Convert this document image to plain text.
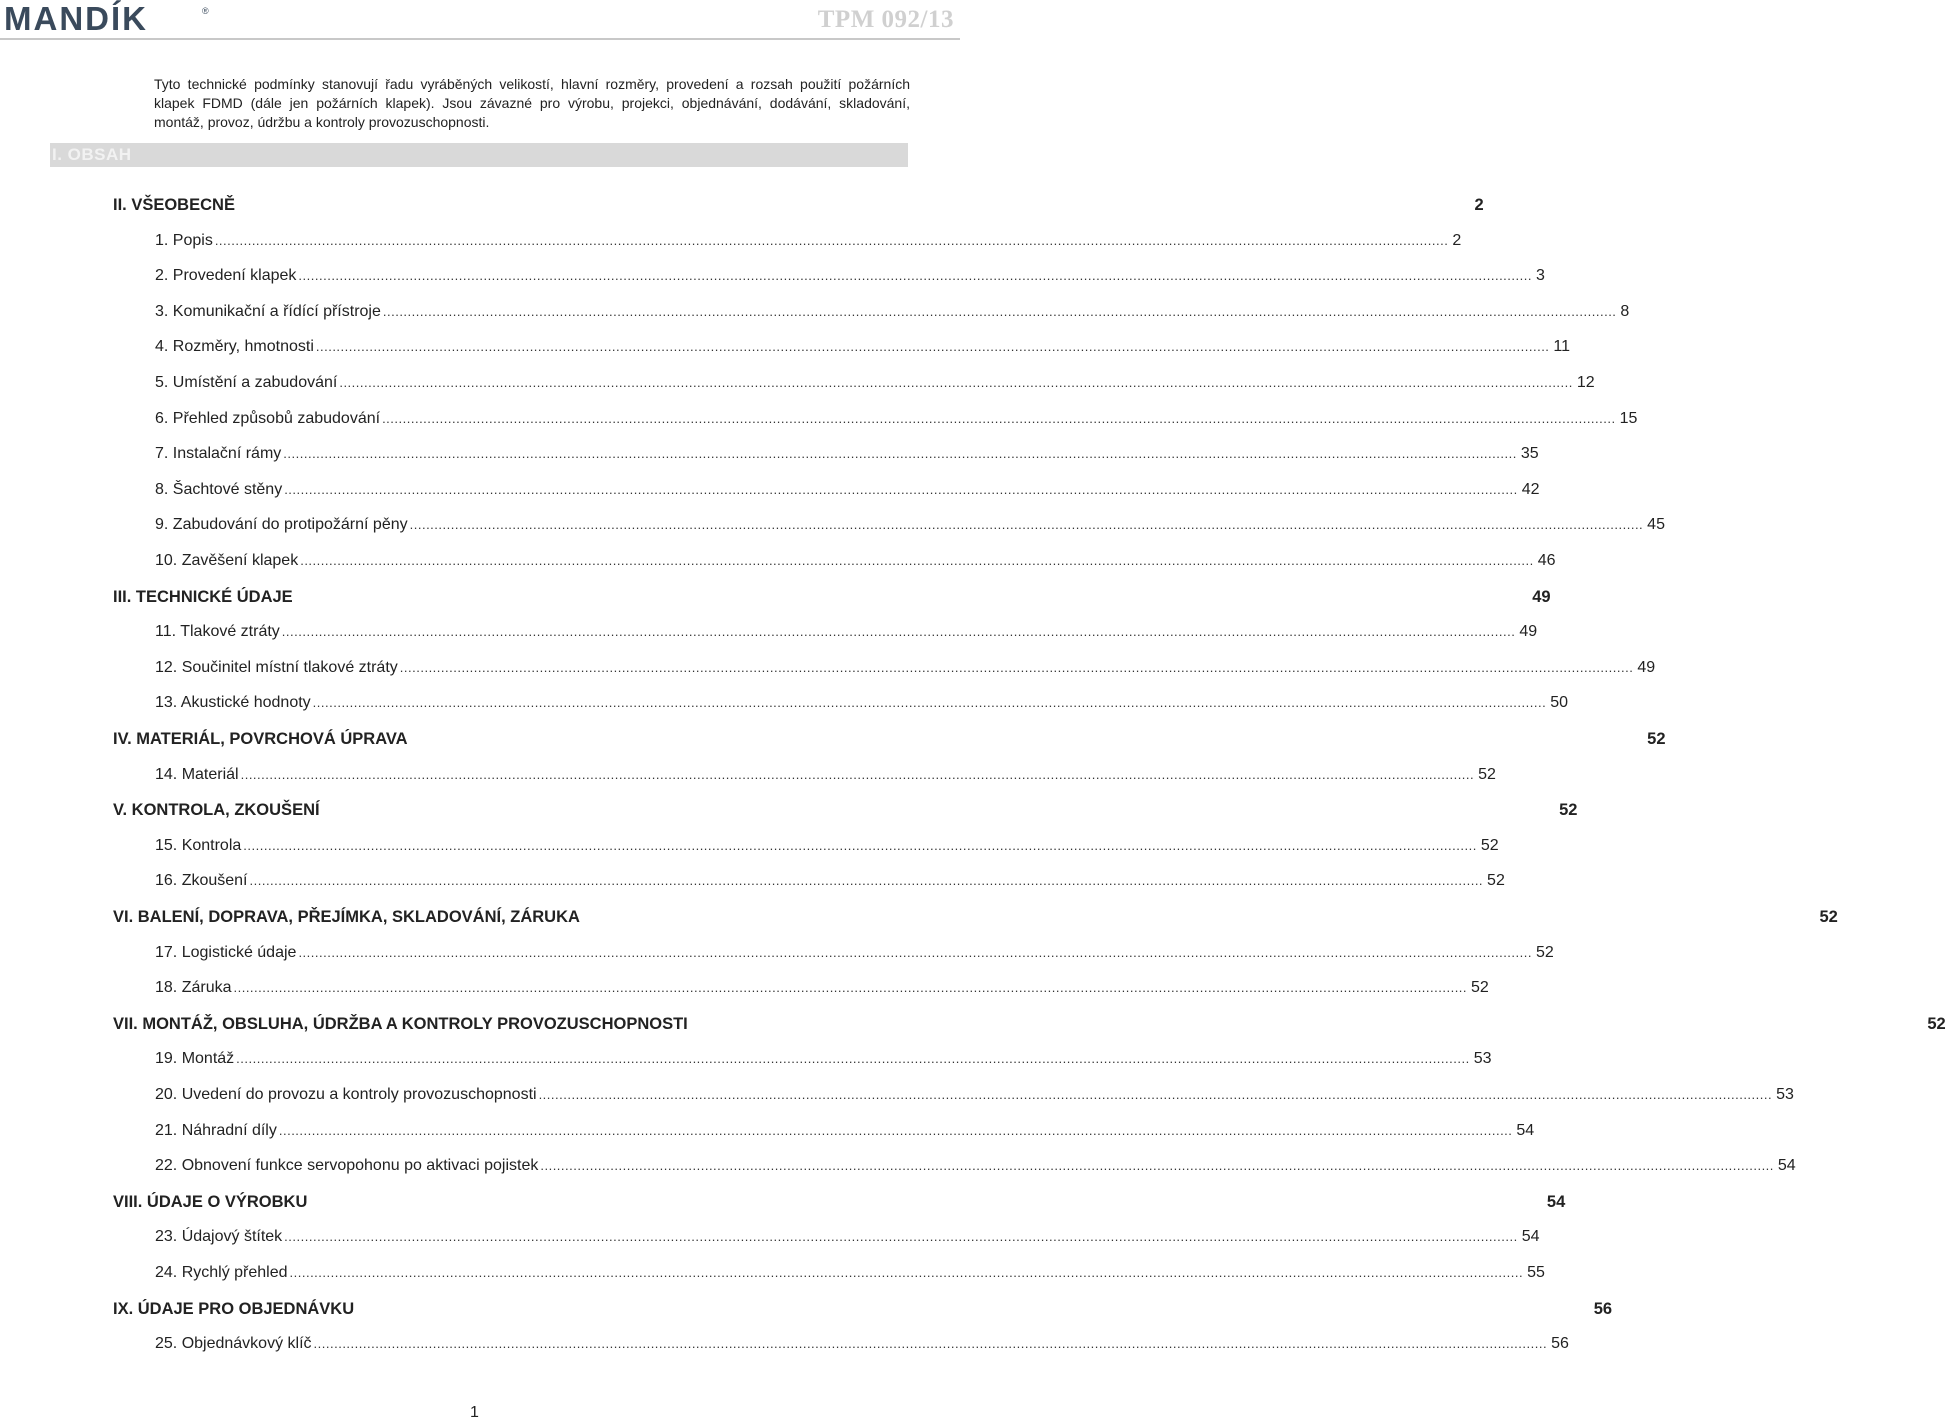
MANDÍK	®	TPM 092/13
Tyto technické podmínky stanovují řadu vyráběných velikostí, hlavní rozměry, provedení a rozsah použití požárních klapek FDMD (dále jen požárních klapek). Jsou závazné pro výrobu, projekci, objednávání, dodávání, skladování, montáž, provoz, údržbu a kontroly provozuschopnosti.
I. OBSAH
II. VŠEOBECNĚ	2
1. Popis ............................................................................................................................................................................................................................................................................................................ 2
2. Provedení klapek ............................................................................................................................................................................................................................................................................................................ 3
3. Komunikační a řídící přístroje ............................................................................................................................................................................................................................................................................................................ 8
4. Rozměry, hmotnosti ............................................................................................................................................................................................................................................................................................................ 11
5. Umístění a zabudování ............................................................................................................................................................................................................................................................................................................ 12
6. Přehled způsobů zabudování ............................................................................................................................................................................................................................................................................................................ 15
7. Instalační rámy ............................................................................................................................................................................................................................................................................................................ 35
8. Šachtové stěny ............................................................................................................................................................................................................................................................................................................ 42
9. Zabudování do protipožární pěny ............................................................................................................................................................................................................................................................................................................ 45
10. Zavěšení klapek ............................................................................................................................................................................................................................................................................................................ 46
III. TECHNICKÉ ÚDAJE	49
11. Tlakové ztráty ............................................................................................................................................................................................................................................................................................................ 49
12. Součinitel místní tlakové ztráty ............................................................................................................................................................................................................................................................................................................ 49
13. Akustické hodnoty ............................................................................................................................................................................................................................................................................................................ 50
IV. MATERIÁL, POVRCHOVÁ ÚPRAVA	52
14. Materiál ............................................................................................................................................................................................................................................................................................................ 52
V. KONTROLA, ZKOUŠENÍ	52
15. Kontrola ............................................................................................................................................................................................................................................................................................................ 52
16. Zkoušení ............................................................................................................................................................................................................................................................................................................ 52
VI. BALENÍ, DOPRAVA, PŘEJÍMKA, SKLADOVÁNÍ, ZÁRUKA	52
17. Logistické údaje ............................................................................................................................................................................................................................................................................................................ 52
18. Záruka ............................................................................................................................................................................................................................................................................................................ 52
VII. MONTÁŽ, OBSLUHA, ÚDRŽBA A KONTROLY PROVOZUSCHOPNOSTI	52
19. Montáž ............................................................................................................................................................................................................................................................................................................ 53
20. Uvedení do provozu a kontroly provozuschopnosti ............................................................................................................................................................................................................................................................................................................ 53
21. Náhradní díly ............................................................................................................................................................................................................................................................................................................ 54
22. Obnovení funkce servopohonu po aktivaci pojistek ............................................................................................................................................................................................................................................................................................................ 54
VIII. ÚDAJE O VÝROBKU	54
23. Údajový štítek ............................................................................................................................................................................................................................................................................................................ 54
24. Rychlý přehled ............................................................................................................................................................................................................................................................................................................ 55
IX. ÚDAJE PRO OBJEDNÁVKU	56
25. Objednávkový klíč ............................................................................................................................................................................................................................................................................................................ 56
1
